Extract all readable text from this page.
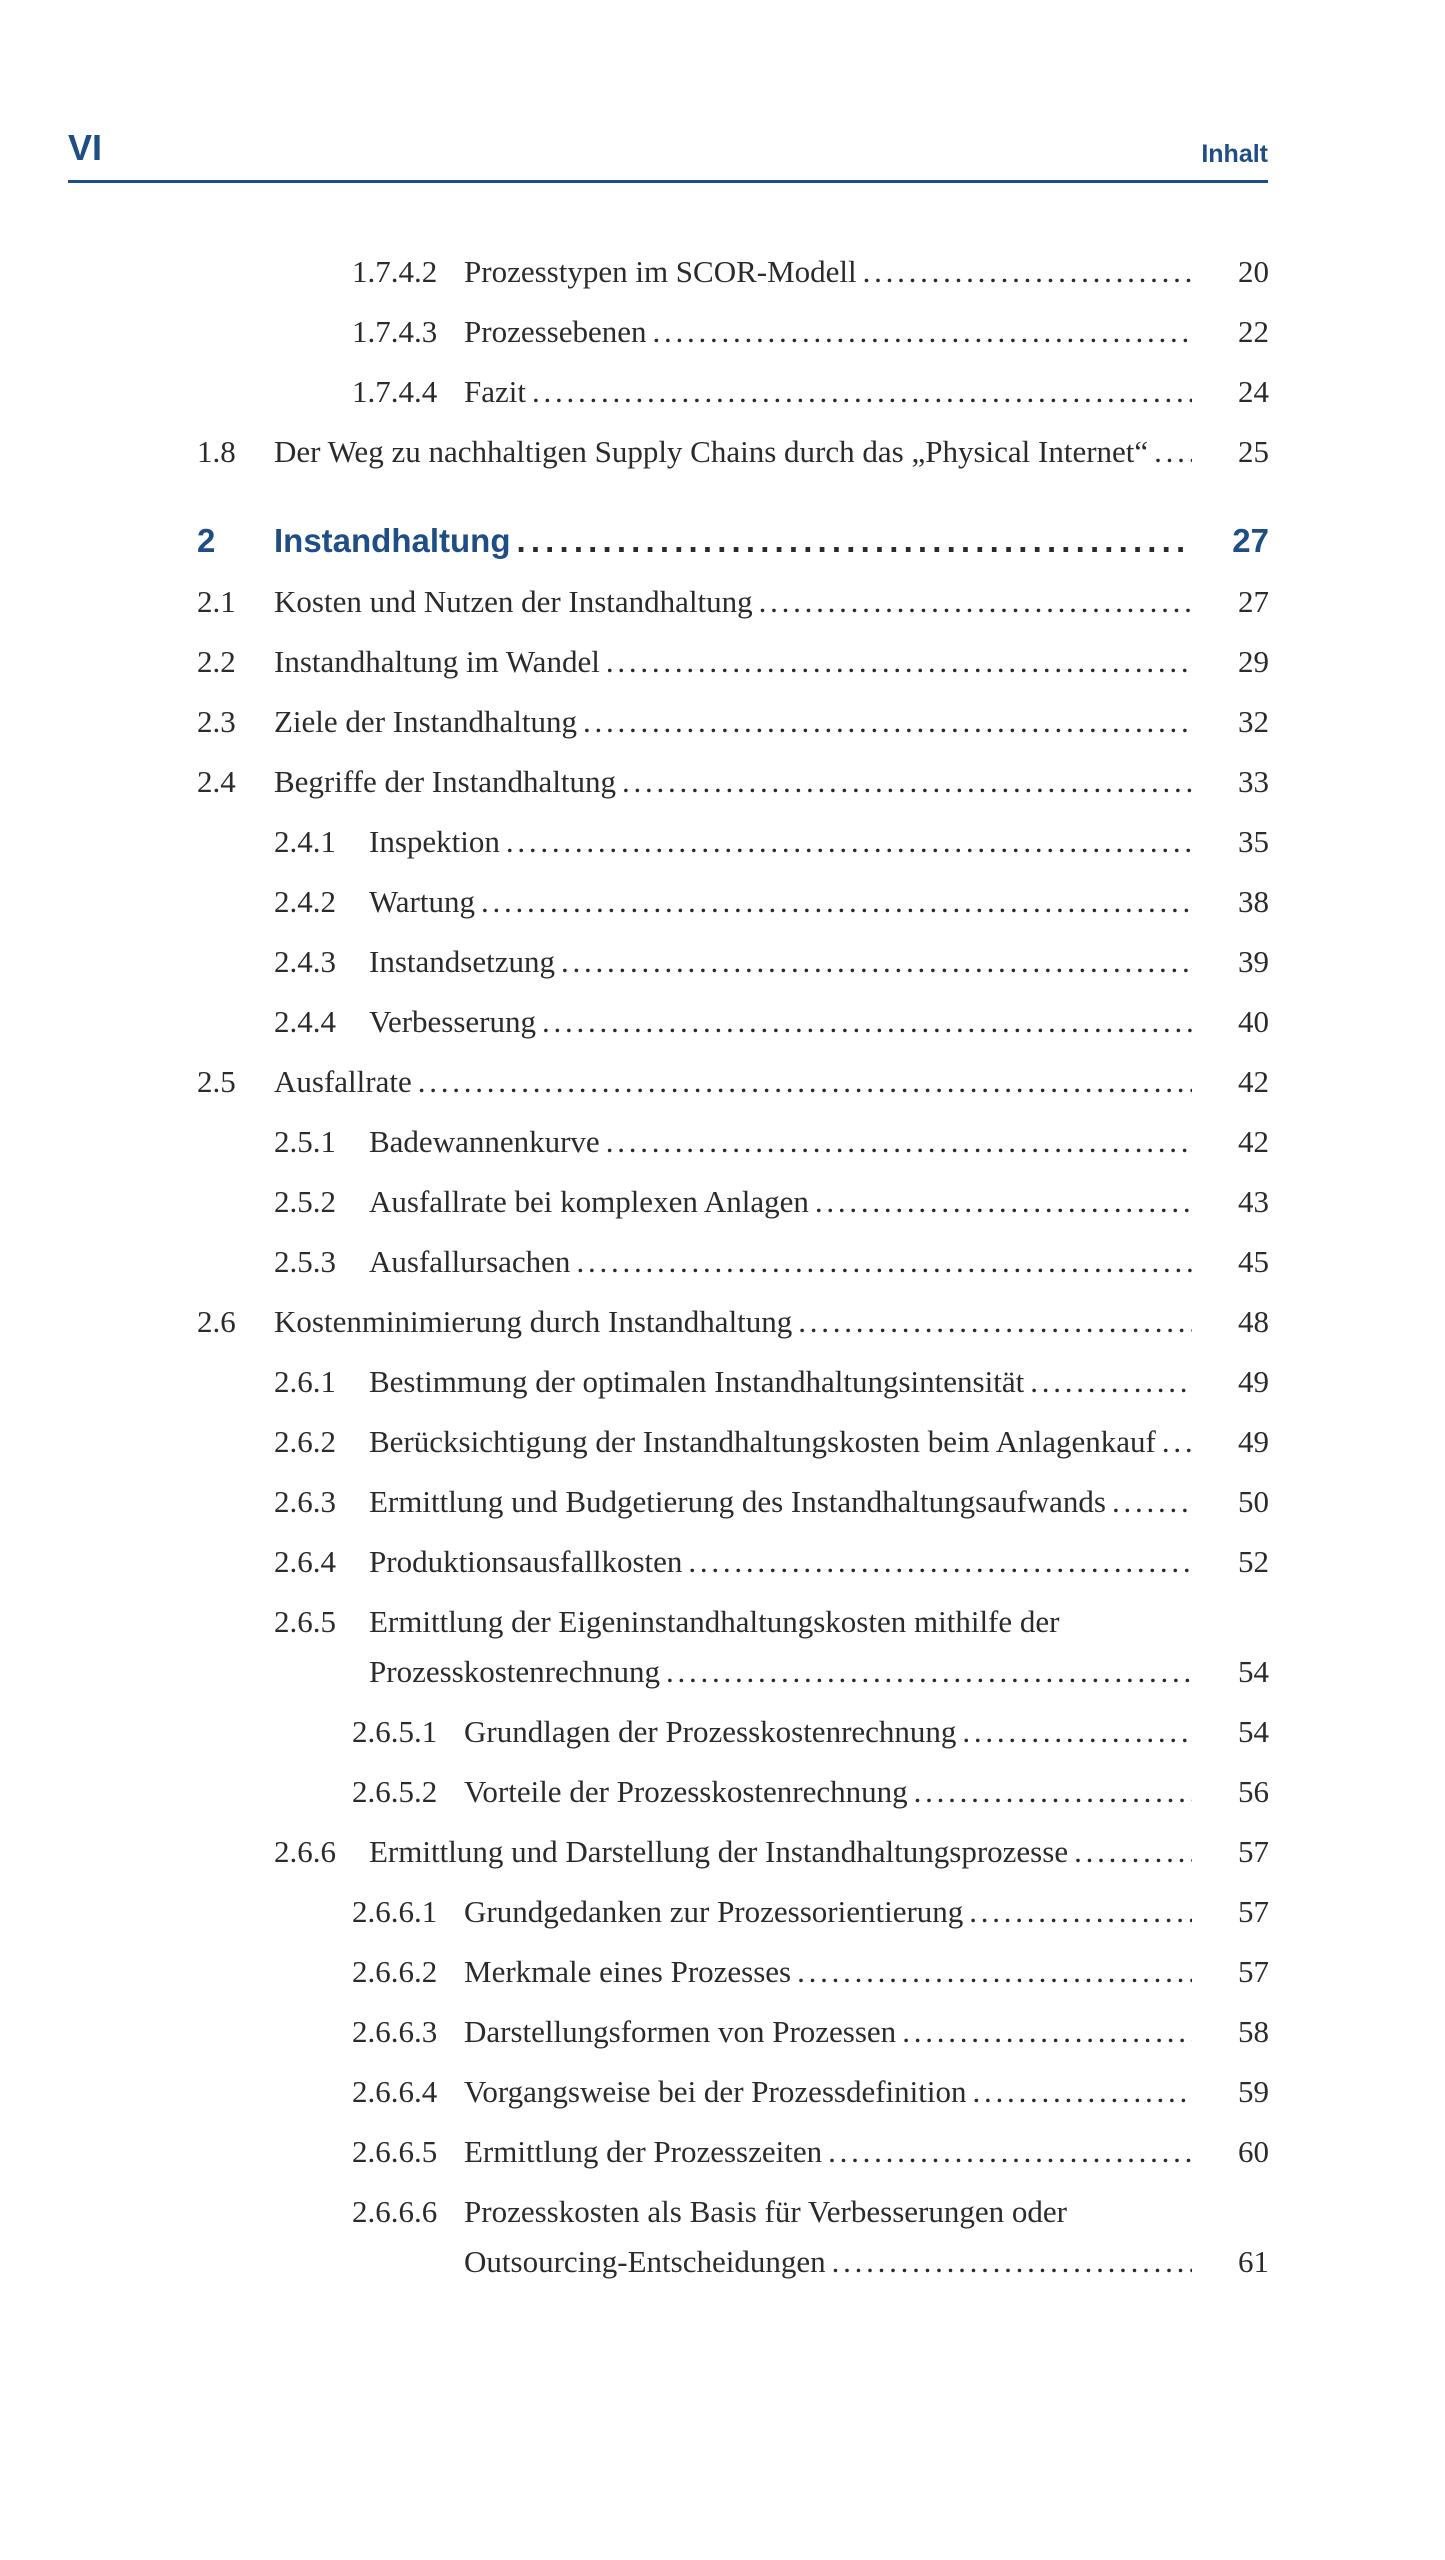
VI	Inhalt
1.7.4.2 Prozesstypen im SCOR-Modell . . .	20
1.7.4.3 Prozessebenen . . .	22
1.7.4.4 Fazit . . .	24
1.8 Der Weg zu nachhaltigen Supply Chains durch das „Physical Internet“ . . .	25
2 Instandhaltung . . .	27
2.1 Kosten und Nutzen der Instandhaltung . . .	27
2.2 Instandhaltung im Wandel . . .	29
2.3 Ziele der Instandhaltung . . .	32
2.4 Begriffe der Instandhaltung . . .	33
2.4.1 Inspektion . . .	35
2.4.2 Wartung . . .	38
2.4.3 Instandsetzung . . .	39
2.4.4 Verbesserung . . .	40
2.5 Ausfallrate . . .	42
2.5.1 Badewannenkurve . . .	42
2.5.2 Ausfallrate bei komplexen Anlagen . . .	43
2.5.3 Ausfallursachen . . .	45
2.6 Kostenminimierung durch Instandhaltung . . .	48
2.6.1 Bestimmung der optimalen Instandhaltungsintensität . . .	49
2.6.2 Berücksichtigung der Instandhaltungskosten beim Anlagenkauf . . .	49
2.6.3 Ermittlung und Budgetierung des Instandhaltungsaufwands . . .	50
2.6.4 Produktionsausfallkosten . . .	52
2.6.5 Ermittlung der Eigeninstandhaltungskosten mithilfe der
Prozesskostenrechnung . . .	54
2.6.5.1 Grundlagen der Prozesskostenrechnung . . .	54
2.6.5.2 Vorteile der Prozesskostenrechnung . . .	56
2.6.6 Ermittlung und Darstellung der Instandhaltungsprozesse . . .	57
2.6.6.1 Grundgedanken zur Prozessorientierung . . .	57
2.6.6.2 Merkmale eines Prozesses . . .	57
2.6.6.3 Darstellungsformen von Prozessen . . .	58
2.6.6.4 Vorgangsweise bei der Prozessdefinition . . .	59
2.6.6.5 Ermittlung der Prozesszeiten . . .	60
2.6.6.6 Prozesskosten als Basis für Verbesserungen oder
Outsourcing-Entscheidungen . . .	61
